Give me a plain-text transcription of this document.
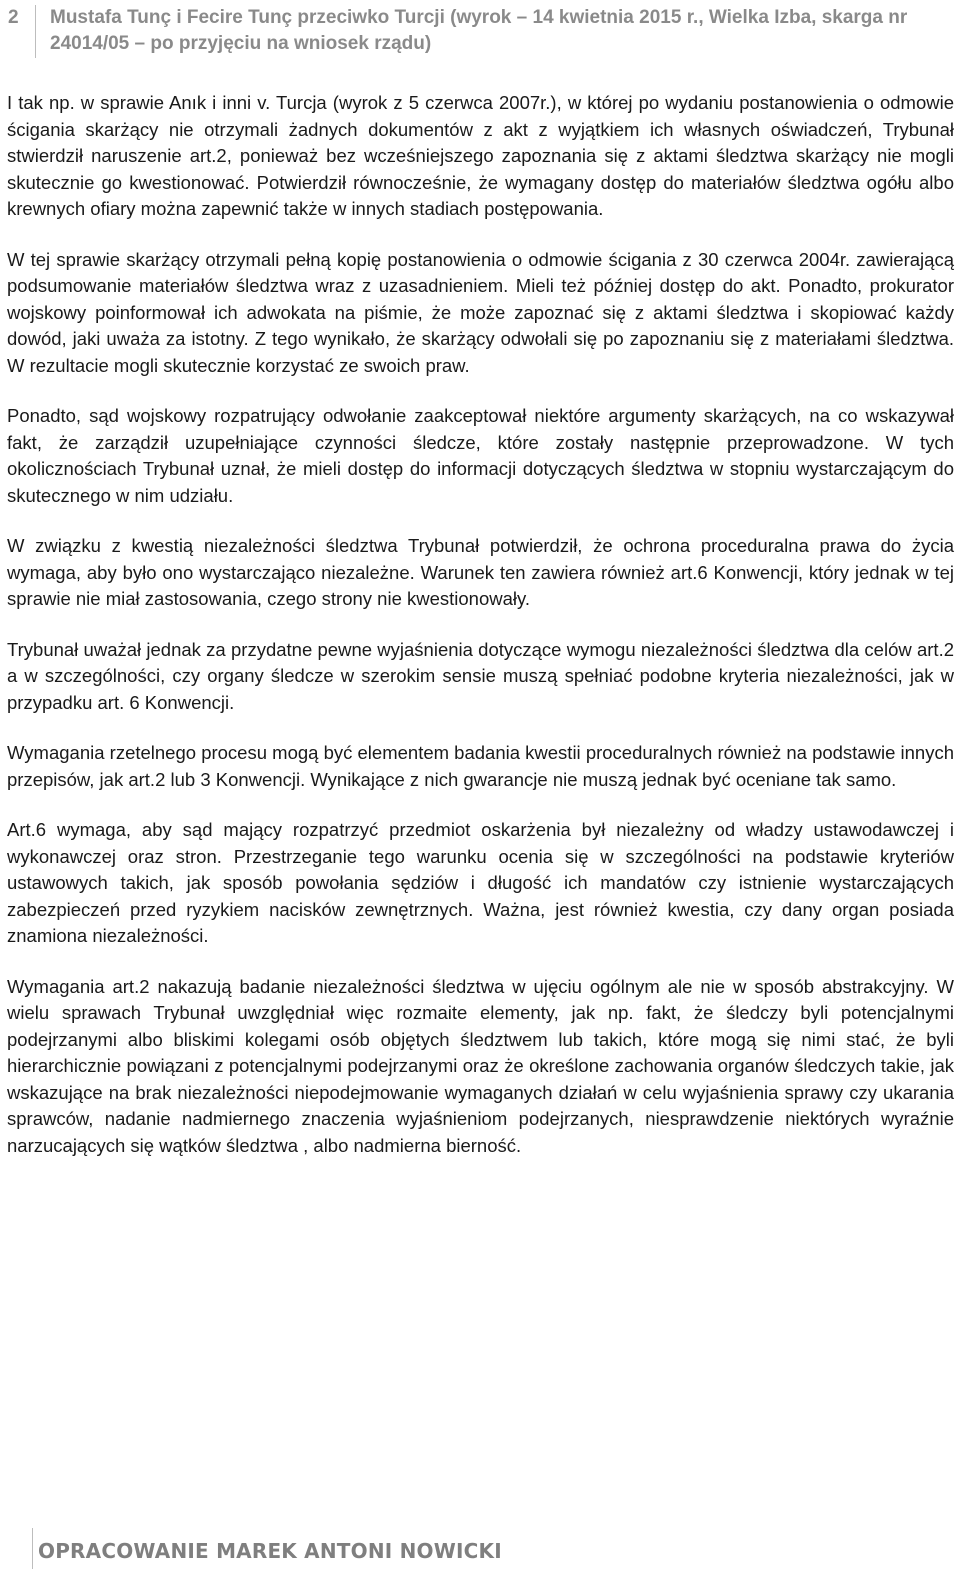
2	Mustafa Tunç i Fecire Tunç przeciwko Turcji (wyrok – 14 kwietnia 2015 r., Wielka Izba, skarga nr 24014/05 – po przyjęciu na wniosek rządu)

I tak np. w sprawie Anık i inni v. Turcja (wyrok z 5 czerwca 2007r.), w której po wydaniu postanowienia o odmowie ścigania skarżący nie otrzymali żadnych dokumentów z akt z wyjątkiem ich własnych oświadczeń, Trybunał stwierdził naruszenie art.2, ponieważ bez wcześniejszego zapoznania się z aktami śledztwa skarżący nie mogli skutecznie go kwestionować. Potwierdził równocześnie, że wymagany dostęp do materiałów śledztwa ogółu albo krewnych ofiary można zapewnić także w innych stadiach postępowania.

W tej sprawie skarżący otrzymali pełną kopię postanowienia o odmowie ścigania z 30 czerwca 2004r. zawierającą podsumowanie materiałów śledztwa wraz z uzasadnieniem. Mieli też później dostęp do akt. Ponadto, prokurator wojskowy poinformował ich adwokata na piśmie, że może zapoznać się z aktami śledztwa i skopiować każdy dowód, jaki uważa za istotny. Z tego wynikało, że skarżący odwołali się po zapoznaniu się z materiałami śledztwa. W rezultacie mogli skutecznie korzystać ze swoich praw.

Ponadto, sąd wojskowy rozpatrujący odwołanie zaakceptował niektóre argumenty skarżących, na co wskazywał fakt, że zarządził uzupełniające czynności śledcze, które zostały następnie przeprowadzone. W tych okolicznościach Trybunał uznał, że mieli dostęp do informacji dotyczących śledztwa w stopniu wystarczającym do skutecznego w nim udziału.

W związku z kwestią niezależności śledztwa Trybunał potwierdził, że ochrona proceduralna prawa do życia wymaga, aby było ono wystarczająco niezależne. Warunek ten zawiera również art.6 Konwencji, który jednak w tej sprawie nie miał zastosowania, czego strony nie kwestionowały.

Trybunał uważał jednak za przydatne pewne wyjaśnienia dotyczące wymogu niezależności śledztwa dla celów art.2 a w szczególności, czy organy śledcze w szerokim sensie muszą spełniać podobne kryteria niezależności, jak w przypadku art. 6 Konwencji.

Wymagania rzetelnego procesu mogą być elementem badania kwestii proceduralnych również na podstawie innych przepisów, jak art.2 lub 3 Konwencji. Wynikające z nich gwarancje nie muszą jednak być oceniane tak samo.

Art.6 wymaga, aby sąd mający rozpatrzyć przedmiot oskarżenia był niezależny od władzy ustawodawczej i wykonawczej oraz stron. Przestrzeganie tego warunku ocenia się w szczególności na podstawie kryteriów ustawowych takich, jak sposób powołania sędziów i długość ich mandatów czy istnienie wystarczających zabezpieczeń przed ryzykiem nacisków zewnętrznych. Ważna, jest również kwestia, czy dany organ posiada znamiona niezależności.

Wymagania art.2 nakazują badanie niezależności śledztwa w ujęciu ogólnym ale nie w sposób abstrakcyjny. W wielu sprawach Trybunał uwzględniał więc rozmaite elementy, jak np. fakt, że śledczy byli potencjalnymi podejrzanymi albo bliskimi kolegami osób objętych śledztwem lub takich, które mogą się nimi stać, że byli hierarchicznie powiązani z potencjalnymi podejrzanymi oraz że określone zachowania organów śledczych takie, jak wskazujące na brak niezależności niepodejmowanie wymaganych działań w celu wyjaśnienia sprawy czy ukarania sprawców, nadanie nadmiernego znaczenia wyjaśnieniom podejrzanych, niesprawdzenie niektórych wyraźnie narzucających się wątków śledztwa , albo nadmierna bierność.

OPRACOWANIE MAREK ANTONI NOWICKI
